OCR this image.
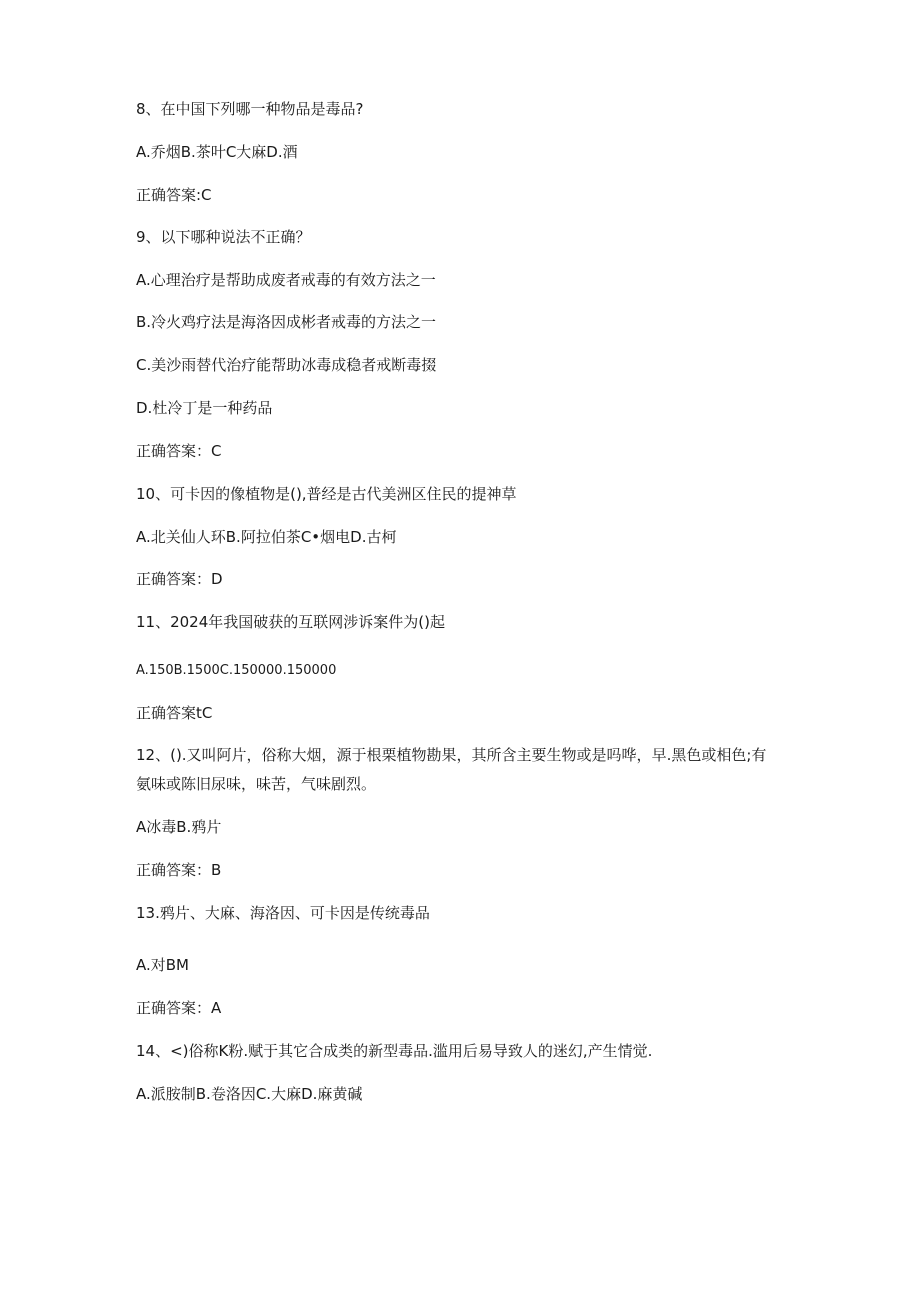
8、在中国下列哪一种物品是毒品?
A.乔烟B.茶叶C大麻D.酒
正确答案:C
9、以下哪种说法不正确？
A.心理治疗是帮助成废者戒毒的有效方法之一
B.冷火鸡疗法是海洛因成彬者戒毒的方法之一
C.美沙雨替代治疗能帮助冰毒成稳者戒断毒掇
D.杜冷丁是一种药品
正确答案：C
10、可卡因的像植物是(),普经是古代美洲区住民的提神草
A.北关仙人环B.阿拉伯茶C•烟电D.古柯
正确答案：D
11、2024年我国破获的互联网涉诉案件为()起
A.150B.1500C.150000.150000
正确答案tC
12、().又叫阿片，俗称大烟，源于根栗植物勘果，其所含主要生物或是吗哗，早.黑色或相色;有
氨味或陈旧尿味，味苦，气味剧烈。
A冰毒B.鸦片
正确答案：B
13.鸦片、大麻、海洛因、可卡因是传统毒品
A.对BM
正确答案：A
14、<)俗称K粉.赋于其它合成类的新型毒品.滥用后易导致人的迷幻,产生情觉.
A.派胺制B.卷洛因C.大麻D.麻黄碱
